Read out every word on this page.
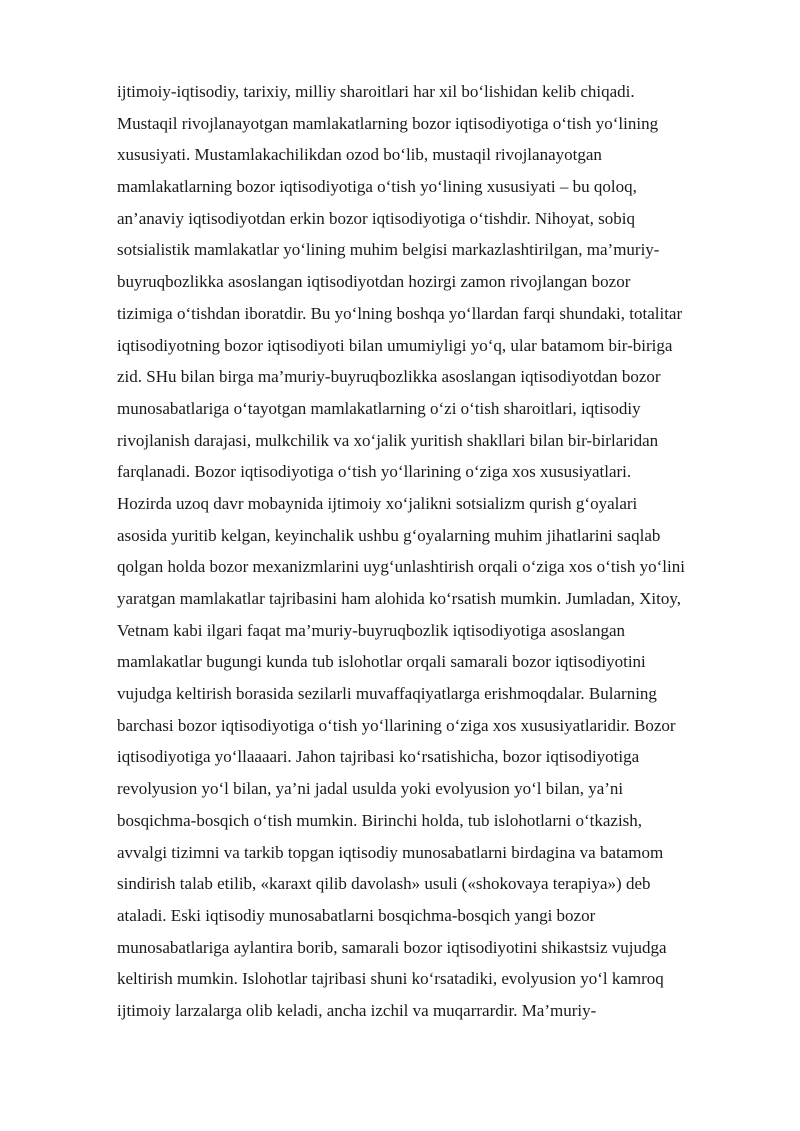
ijtimoiy-iqtisodiy, tarixiy, milliy sharoitlari har xil bo‘lishidan kelib chiqadi.
Mustaqil rivojlanayotgan mamlakatlarning bozor iqtisodiyotiga o‘tish yo‘lining
xususiyati. Mustamlakachilikdan ozod bo‘lib, mustaqil rivojlanayotgan
mamlakatlarning bozor iqtisodiyotiga o‘tish yo‘lining xususiyati – bu qoloq,
an’anaviy iqtisodiyotdan erkin bozor iqtisodiyotiga o‘tishdir. Nihoyat, sobiq
sotsialistik mamlakatlar yo‘lining muhim belgisi markazlashtirilgan, ma’muriy-
buyruqbozlikka asoslangan iqtisodiyotdan hozirgi zamon rivojlangan bozor
tizimiga o‘tishdan iboratdir. Bu yo‘lning boshqa yo‘llardan farqi shundaki, totalitar
iqtisodiyotning bozor iqtisodiyoti bilan umumiyligi yo‘q, ular batamom bir-biriga
zid. SHu bilan birga ma’muriy-buyruqbozlikka asoslangan iqtisodiyotdan bozor
munosabatlariga o‘tayotgan mamlakatlarning o‘zi o‘tish sharoitlari, iqtisodiy
rivojlanish darajasi, mulkchilik va xo‘jalik yuritish shakllari bilan bir-birlaridan
farqlanadi. Bozor iqtisodiyotiga o‘tish yo‘llarining o‘ziga xos xususiyatlari.
Hozirda uzoq davr mobaynida ijtimoiy xo‘jalikni sotsializm qurish g‘oyalari
asosida yuritib kelgan, keyinchalik ushbu g‘oyalarning muhim jihatlarini saqlab
qolgan holda bozor mexanizmlarini uyg‘unlashtirish orqali o‘ziga xos o‘tish yo‘lini
yaratgan mamlakatlar tajribasini ham alohida ko‘rsatish mumkin. Jumladan, Xitoy,
Vetnam kabi ilgari faqat ma’muriy-buyruqbozlik iqtisodiyotiga asoslangan
mamlakatlar bugungi kunda tub islohotlar orqali samarali bozor iqtisodiyotini
vujudga keltirish borasida sezilarli muvaffaqiyatlarga erishmoqdalar. Bularning
barchasi bozor iqtisodiyotiga o‘tish yo‘llarining o‘ziga xos xususiyatlaridir. Bozor
iqtisodiyotiga yo‘llaaaari. Jahon tajribasi ko‘rsatishicha, bozor iqtisodiyotiga
revolyusion yo‘l bilan, ya’ni jadal usulda yoki evolyusion yo‘l bilan, ya’ni
bosqichma-bosqich o‘tish mumkin. Birinchi holda, tub islohotlarni o‘tkazish,
avvalgi tizimni va tarkib topgan iqtisodiy munosabatlarni birdagina va batamom
sindirish talab etilib, «karaxt qilib davolash» usuli («shokovaya terapiya») deb
ataladi. Eski iqtisodiy munosabatlarni bosqichma-bosqich yangi bozor
munosabatlariga aylantira borib, samarali bozor iqtisodiyotini shikastsiz vujudga
keltirish mumkin. Islohotlar tajribasi shuni ko‘rsatadiki, evolyusion yo‘l kamroq
ijtimoiy larzalarga olib keladi, ancha izchil va muqarrardir. Ma’muriy-
